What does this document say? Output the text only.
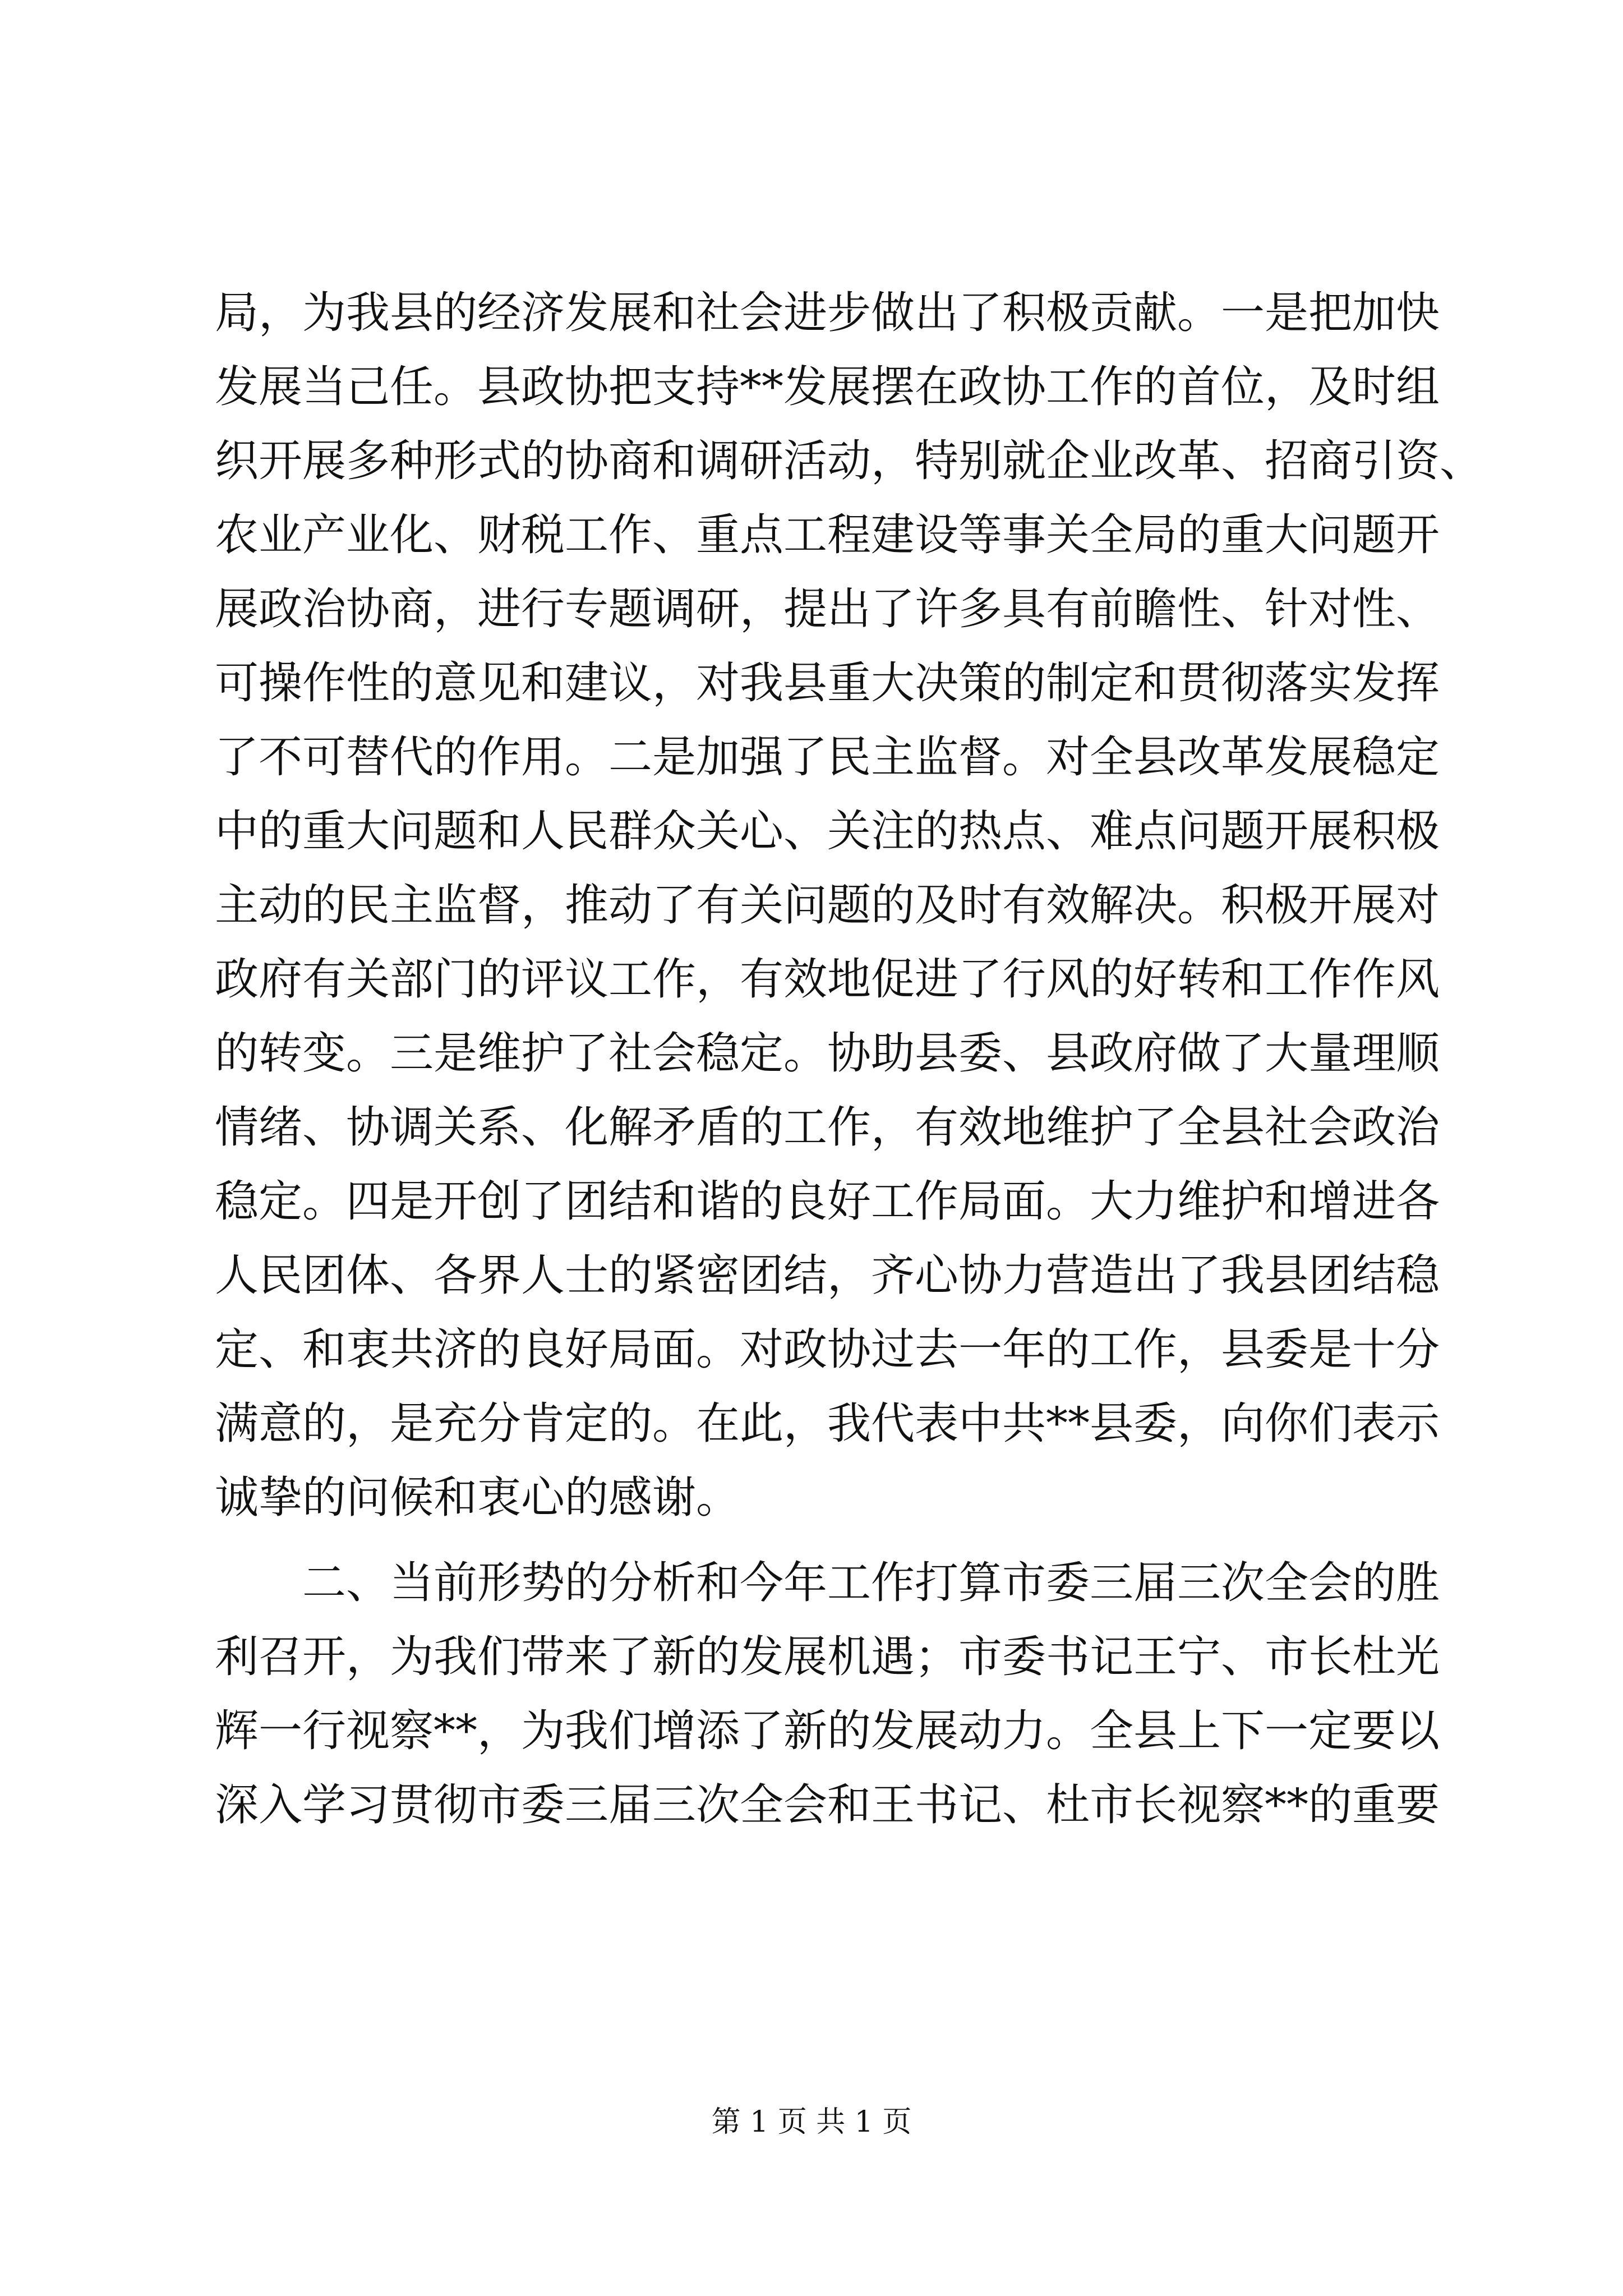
局，为我县的经济发展和社会进步做出了积极贡献。一是把加快
发展当己任。县政协把支持**发展摆在政协工作的首位，及时组
织开展多种形式的协商和调研活动，特别就企业改革、招商引资、
农业产业化、财税工作、重点工程建设等事关全局的重大问题开
展政治协商，进行专题调研，提出了许多具有前瞻性、针对性、
可操作性的意见和建议，对我县重大决策的制定和贯彻落实发挥
了不可替代的作用。二是加强了民主监督。对全县改革发展稳定
中的重大问题和人民群众关心、关注的热点、难点问题开展积极
主动的民主监督，推动了有关问题的及时有效解决。积极开展对
政府有关部门的评议工作，有效地促进了行风的好转和工作作风
的转变。三是维护了社会稳定。协助县委、县政府做了大量理顺
情绪、协调关系、化解矛盾的工作，有效地维护了全县社会政治
稳定。四是开创了团结和谐的良好工作局面。大力维护和增进各
人民团体、各界人士的紧密团结，齐心协力营造出了我县团结稳
定、和衷共济的良好局面。对政协过去一年的工作，县委是十分
满意的，是充分肯定的。在此，我代表中共**县委，向你们表示
诚挚的问候和衷心的感谢。
二、当前形势的分析和今年工作打算市委三届三次全会的胜
利召开，为我们带来了新的发展机遇；市委书记王宁、市长杜光
辉一行视察**，为我们增添了新的发展动力。全县上下一定要以
深入学习贯彻市委三届三次全会和王书记、杜市长视察**的重要
第 1 页 共 1 页
